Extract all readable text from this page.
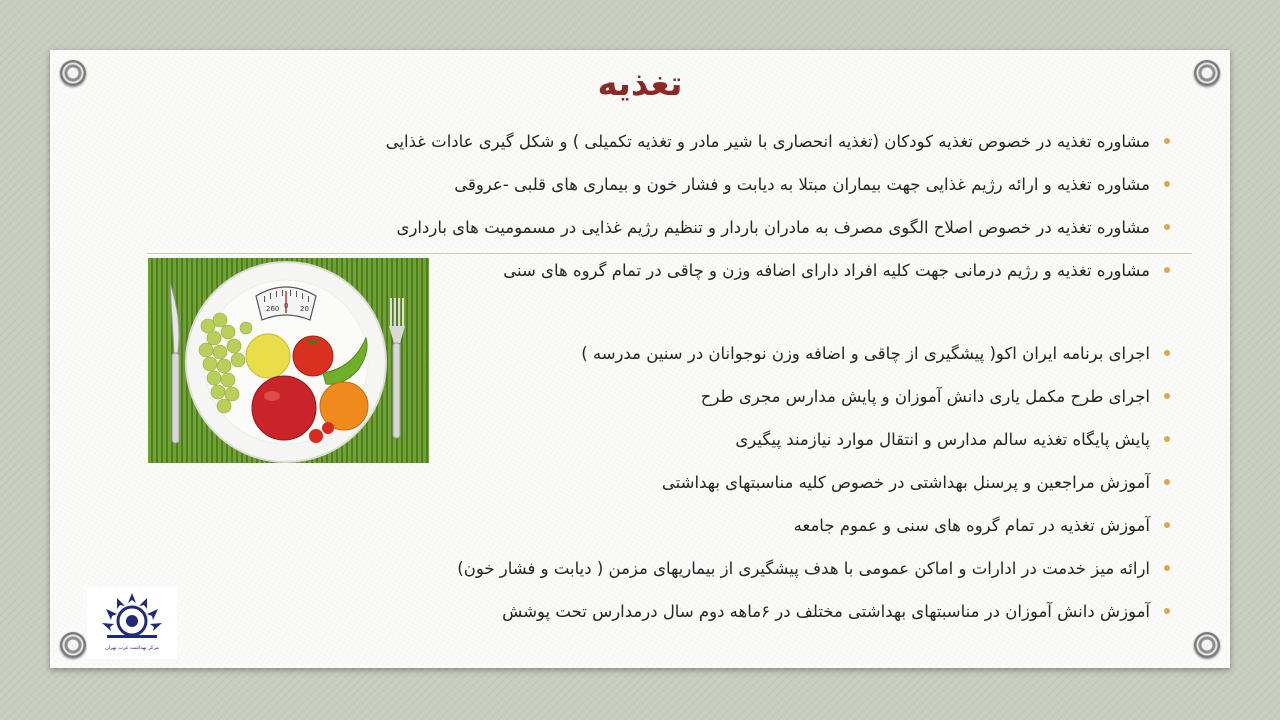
تغذیه
مشاوره تغذیه در خصوص تغذیه کودکان (تغذیه انحصاری با شیر مادر و تغذیه تکمیلی ) و شکل گیری عادات غذایی
مشاوره تغذیه و ارائه رژیم غذایی جهت بیماران مبتلا به دیابت و فشار خون و بیماری های قلبی -عروقی
مشاوره تغذیه در خصوص اصلاح الگوی مصرف به مادران باردار و تنظیم رژیم غذایی در مسمومیت های بارداری
مشاوره تغذیه و رژیم درمانی جهت کلیه افراد دارای اضافه وزن و چاقی در تمام گروه های سنی
اجرای برنامه ایران اکو( پیشگیری از چاقی و اضافه وزن نوجوانان در سنین مدرسه )
اجرای طرح مکمل یاری دانش آموزان و پایش مدارس مجری طرح
پایش پایگاه تغذیه سالم مدارس و انتقال موارد نیازمند پیگیری
آموزش مراجعین و پرسنل بهداشتی در خصوص کلیه مناسبتهای بهداشتی
آموزش تغذیه در تمام گروه های سنی و عموم جامعه
ارائه میز خدمت در ادارات و اماکن عمومی با هدف پیشگیری از بیماریهای مزمن ( دیابت و فشار خون)
آموزش دانش آموزان در مناسبتهای بهداشتی مختلف در ۶ماهه دوم سال درمدارس تحت پوشش
260 0 20
مرکز بهداشت غرب تهران
